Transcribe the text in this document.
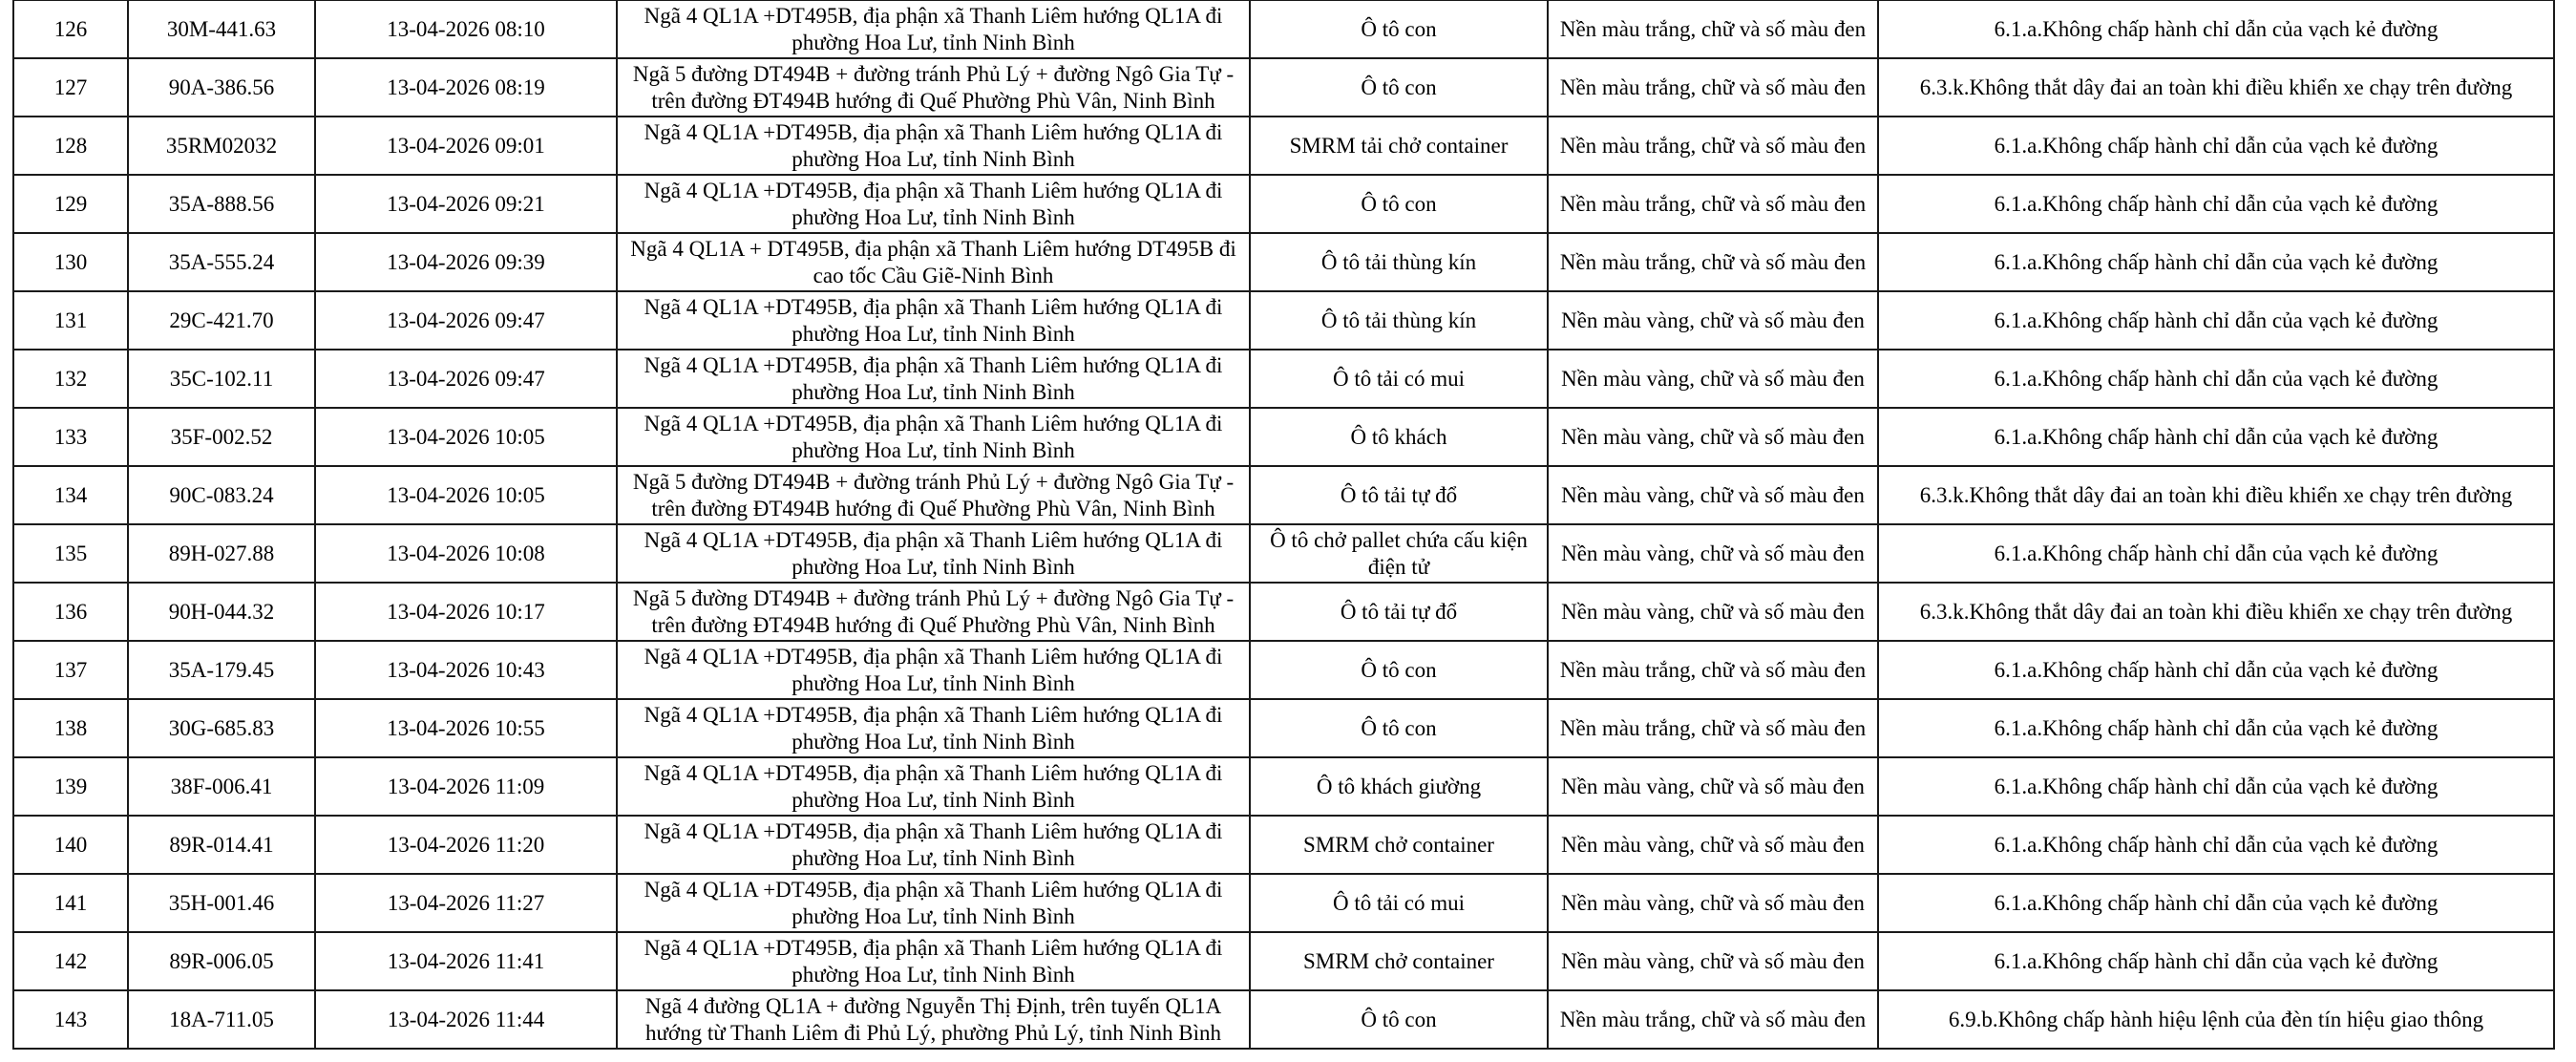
126	30M-441.63	13-04-2026 08:10	Ngã 4 QL1A +DT495B, địa phận xã Thanh Liêm hướng QL1A đi phường Hoa Lư, tỉnh Ninh Bình	Ô tô con	Nền màu trắng, chữ và số màu đen	6.1.a.Không chấp hành chỉ dẫn của vạch kẻ đường
127	90A-386.56	13-04-2026 08:19	Ngã 5 đường DT494B + đường tránh Phủ Lý + đường Ngô Gia Tự - trên đường ĐT494B hướng đi Quế Phường Phù Vân, Ninh Bình	Ô tô con	Nền màu trắng, chữ và số màu đen	6.3.k.Không thắt dây đai an toàn khi điều khiển xe chạy trên đường
128	35RM02032	13-04-2026 09:01	Ngã 4 QL1A +DT495B, địa phận xã Thanh Liêm hướng QL1A đi phường Hoa Lư, tỉnh Ninh Bình	SMRM tải chở container	Nền màu trắng, chữ và số màu đen	6.1.a.Không chấp hành chỉ dẫn của vạch kẻ đường
129	35A-888.56	13-04-2026 09:21	Ngã 4 QL1A +DT495B, địa phận xã Thanh Liêm hướng QL1A đi phường Hoa Lư, tỉnh Ninh Bình	Ô tô con	Nền màu trắng, chữ và số màu đen	6.1.a.Không chấp hành chỉ dẫn của vạch kẻ đường
130	35A-555.24	13-04-2026 09:39	Ngã 4 QL1A + DT495B, địa phận xã Thanh Liêm hướng DT495B đi cao tốc Cầu Giẽ-Ninh Bình	Ô tô tải thùng kín	Nền màu trắng, chữ và số màu đen	6.1.a.Không chấp hành chỉ dẫn của vạch kẻ đường
131	29C-421.70	13-04-2026 09:47	Ngã 4 QL1A +DT495B, địa phận xã Thanh Liêm hướng QL1A đi phường Hoa Lư, tỉnh Ninh Bình	Ô tô tải thùng kín	Nền màu vàng, chữ và số màu đen	6.1.a.Không chấp hành chỉ dẫn của vạch kẻ đường
132	35C-102.11	13-04-2026 09:47	Ngã 4 QL1A +DT495B, địa phận xã Thanh Liêm hướng QL1A đi phường Hoa Lư, tỉnh Ninh Bình	Ô tô tải có mui	Nền màu vàng, chữ và số màu đen	6.1.a.Không chấp hành chỉ dẫn của vạch kẻ đường
133	35F-002.52	13-04-2026 10:05	Ngã 4 QL1A +DT495B, địa phận xã Thanh Liêm hướng QL1A đi phường Hoa Lư, tỉnh Ninh Bình	Ô tô khách	Nền màu vàng, chữ và số màu đen	6.1.a.Không chấp hành chỉ dẫn của vạch kẻ đường
134	90C-083.24	13-04-2026 10:05	Ngã 5 đường DT494B + đường tránh Phủ Lý + đường Ngô Gia Tự - trên đường ĐT494B hướng đi Quế Phường Phù Vân, Ninh Bình	Ô tô tải tự đổ	Nền màu vàng, chữ và số màu đen	6.3.k.Không thắt dây đai an toàn khi điều khiển xe chạy trên đường
135	89H-027.88	13-04-2026 10:08	Ngã 4 QL1A +DT495B, địa phận xã Thanh Liêm hướng QL1A đi phường Hoa Lư, tỉnh Ninh Bình	Ô tô chở pallet chứa cấu kiện điện tử	Nền màu vàng, chữ và số màu đen	6.1.a.Không chấp hành chỉ dẫn của vạch kẻ đường
136	90H-044.32	13-04-2026 10:17	Ngã 5 đường DT494B + đường tránh Phủ Lý + đường Ngô Gia Tự - trên đường ĐT494B hướng đi Quế Phường Phù Vân, Ninh Bình	Ô tô tải tự đổ	Nền màu vàng, chữ và số màu đen	6.3.k.Không thắt dây đai an toàn khi điều khiển xe chạy trên đường
137	35A-179.45	13-04-2026 10:43	Ngã 4 QL1A +DT495B, địa phận xã Thanh Liêm hướng QL1A đi phường Hoa Lư, tỉnh Ninh Bình	Ô tô con	Nền màu trắng, chữ và số màu đen	6.1.a.Không chấp hành chỉ dẫn của vạch kẻ đường
138	30G-685.83	13-04-2026 10:55	Ngã 4 QL1A +DT495B, địa phận xã Thanh Liêm hướng QL1A đi phường Hoa Lư, tỉnh Ninh Bình	Ô tô con	Nền màu trắng, chữ và số màu đen	6.1.a.Không chấp hành chỉ dẫn của vạch kẻ đường
139	38F-006.41	13-04-2026 11:09	Ngã 4 QL1A +DT495B, địa phận xã Thanh Liêm hướng QL1A đi phường Hoa Lư, tỉnh Ninh Bình	Ô tô khách giường	Nền màu vàng, chữ và số màu đen	6.1.a.Không chấp hành chỉ dẫn của vạch kẻ đường
140	89R-014.41	13-04-2026 11:20	Ngã 4 QL1A +DT495B, địa phận xã Thanh Liêm hướng QL1A đi phường Hoa Lư, tỉnh Ninh Bình	SMRM chở container	Nền màu vàng, chữ và số màu đen	6.1.a.Không chấp hành chỉ dẫn của vạch kẻ đường
141	35H-001.46	13-04-2026 11:27	Ngã 4 QL1A +DT495B, địa phận xã Thanh Liêm hướng QL1A đi phường Hoa Lư, tỉnh Ninh Bình	Ô tô tải có mui	Nền màu vàng, chữ và số màu đen	6.1.a.Không chấp hành chỉ dẫn của vạch kẻ đường
142	89R-006.05	13-04-2026 11:41	Ngã 4 QL1A +DT495B, địa phận xã Thanh Liêm hướng QL1A đi phường Hoa Lư, tỉnh Ninh Bình	SMRM chở container	Nền màu vàng, chữ và số màu đen	6.1.a.Không chấp hành chỉ dẫn của vạch kẻ đường
143	18A-711.05	13-04-2026 11:44	Ngã 4 đường QL1A + đường Nguyễn Thị Định, trên tuyến QL1A hướng từ Thanh Liêm đi Phủ Lý, phường Phủ Lý, tỉnh Ninh Bình	Ô tô con	Nền màu trắng, chữ và số màu đen	6.9.b.Không chấp hành hiệu lệnh của đèn tín hiệu giao thông
